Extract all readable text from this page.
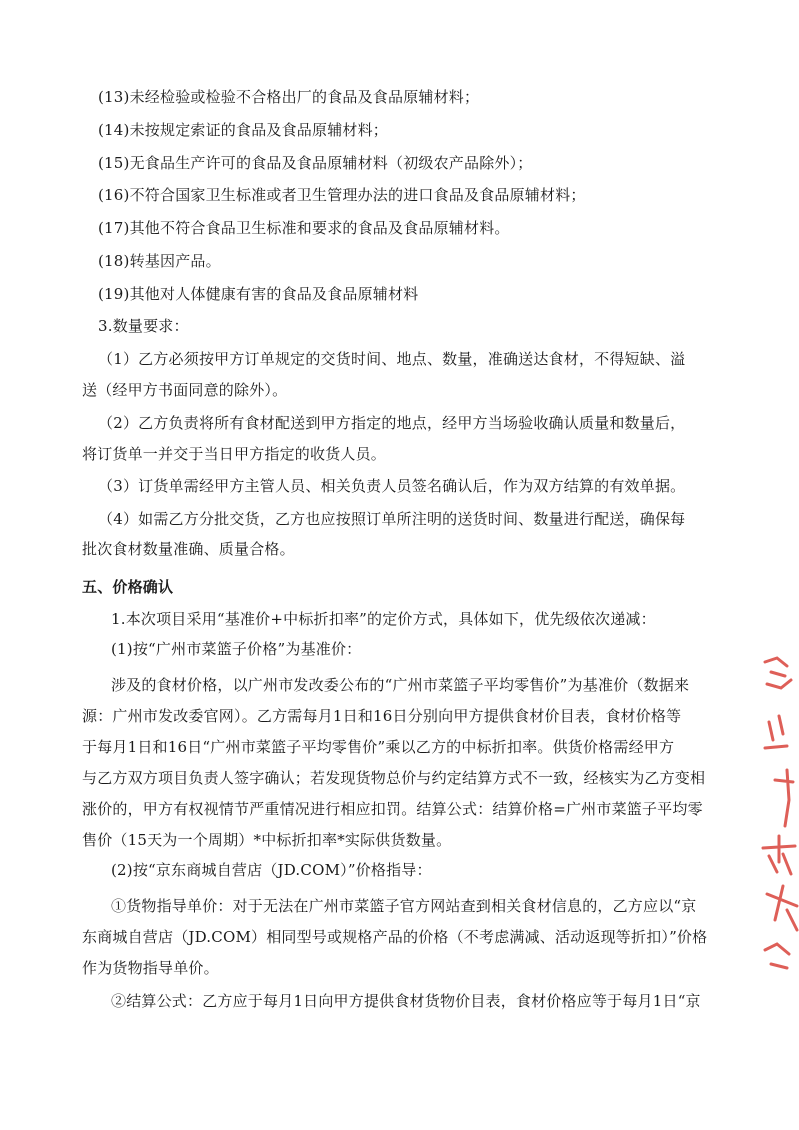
(13)未经检验或检验不合格出厂的食品及食品原辅材料；
(14)未按规定索证的食品及食品原辅材料；
(15)无食品生产许可的食品及食品原辅材料（初级农产品除外）；
(16)不符合国家卫生标准或者卫生管理办法的进口食品及食品原辅材料；
(17)其他不符合食品卫生标准和要求的食品及食品原辅材料。
(18)转基因产品。
(19)其他对人体健康有害的食品及食品原辅材料
3.数量要求：
（1）乙方必须按甲方订单规定的交货时间、地点、数量，准确送达食材，不得短缺、溢
送（经甲方书面同意的除外）。
（2）乙方负责将所有食材配送到甲方指定的地点，经甲方当场验收确认质量和数量后，
将订货单一并交于当日甲方指定的收货人员。
（3）订货单需经甲方主管人员、相关负责人员签名确认后，作为双方结算的有效单据。
（4）如需乙方分批交货，乙方也应按照订单所注明的送货时间、数量进行配送，确保每
批次食材数量准确、质量合格。
五、价格确认
1.本次项目采用“基准价+中标折扣率”的定价方式，具体如下，优先级依次递减：
(1)按“广州市菜篮子价格”为基准价：
涉及的食材价格，以广州市发改委公布的“广州市菜篮子平均零售价”为基准价（数据来
源：广州市发改委官网）。乙方需每月1日和16日分别向甲方提供食材价目表，食材价格等
于每月1日和16日“广州市菜篮子平均零售价”乘以乙方的中标折扣率。供货价格需经甲方
与乙方双方项目负责人签字确认；若发现货物总价与约定结算方式不一致，经核实为乙方变相
涨价的，甲方有权视情节严重情况进行相应扣罚。结算公式：结算价格=广州市菜篮子平均零
售价（15天为一个周期）*中标折扣率*实际供货数量。
(2)按“京东商城自营店（JD.COM）”价格指导：
①货物指导单价：对于无法在广州市菜篮子官方网站查到相关食材信息的，乙方应以“京
东商城自营店（JD.COM）相同型号或规格产品的价格（不考虑满减、活动返现等折扣）”价格
作为货物指导单价。
②结算公式：乙方应于每月1日向甲方提供食材货物价目表，食材价格应等于每月1日“京
